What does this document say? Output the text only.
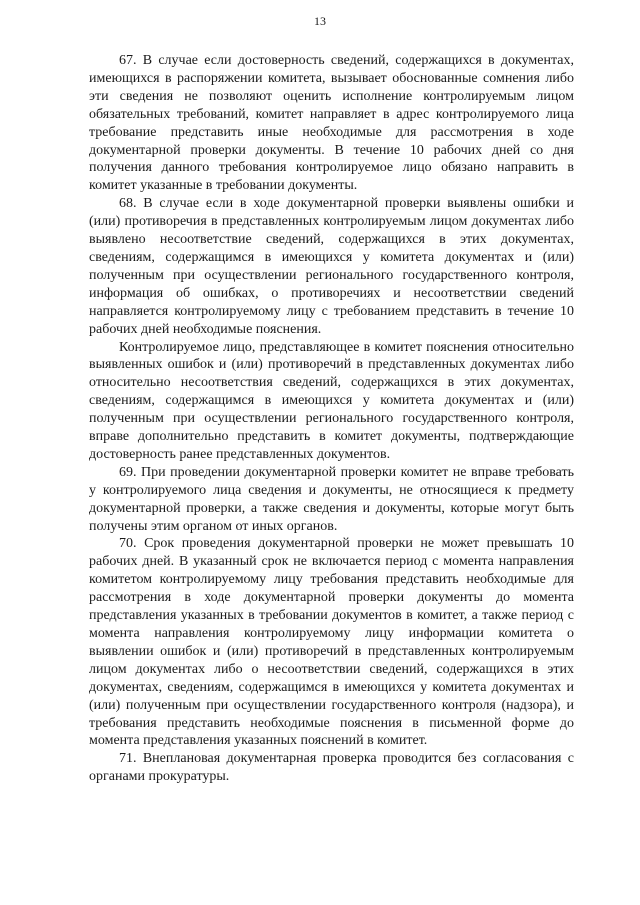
13

67. В случае если достоверность сведений, содержащихся в документах, имеющихся в распоряжении комитета, вызывает обоснованные сомнения либо эти сведения не позволяют оценить исполнение контролируемым лицом обязательных требований, комитет направляет в адрес контролируемого лица требование представить иные необходимые для рассмотрения в ходе документарной проверки документы. В течение 10 рабочих дней со дня получения данного требования контролируемое лицо обязано направить в комитет указанные в требовании документы.

68. В случае если в ходе документарной проверки выявлены ошибки и (или) противоречия в представленных контролируемым лицом документах либо выявлено несоответствие сведений, содержащихся в этих документах, сведениям, содержащимся в имеющихся у комитета документах и (или) полученным при осуществлении регионального государственного контроля, информация об ошибках, о противоречиях и несоответствии сведений направляется контролируемому лицу с требованием представить в течение 10 рабочих дней необходимые пояснения.

Контролируемое лицо, представляющее в комитет пояснения относительно выявленных ошибок и (или) противоречий в представленных документах либо относительно несоответствия сведений, содержащихся в этих документах, сведениям, содержащимся в имеющихся у комитета документах и (или) полученным при осуществлении регионального государственного контроля, вправе дополнительно представить в комитет документы, подтверждающие достоверность ранее представленных документов.

69. При проведении документарной проверки комитет не вправе требовать у контролируемого лица сведения и документы, не относящиеся к предмету документарной проверки, а также сведения и документы, которые могут быть получены этим органом от иных органов.

70. Срок проведения документарной проверки не может превышать 10 рабочих дней. В указанный срок не включается период с момента направления комитетом контролируемому лицу требования представить необходимые для рассмотрения в ходе документарной проверки документы до момента представления указанных в требовании документов в комитет, а также период с момента направления контролируемому лицу информации комитета о выявлении ошибок и (или) противоречий в представленных контролируемым лицом документах либо о несоответствии сведений, содержащихся в этих документах, сведениям, содержащимся в имеющихся у комитета документах и (или) полученным при осуществлении государственного контроля (надзора), и требования представить необходимые пояснения в письменной форме до момента представления указанных пояснений в комитет.

71. Внеплановая документарная проверка проводится без согласования с органами прокуратуры.
